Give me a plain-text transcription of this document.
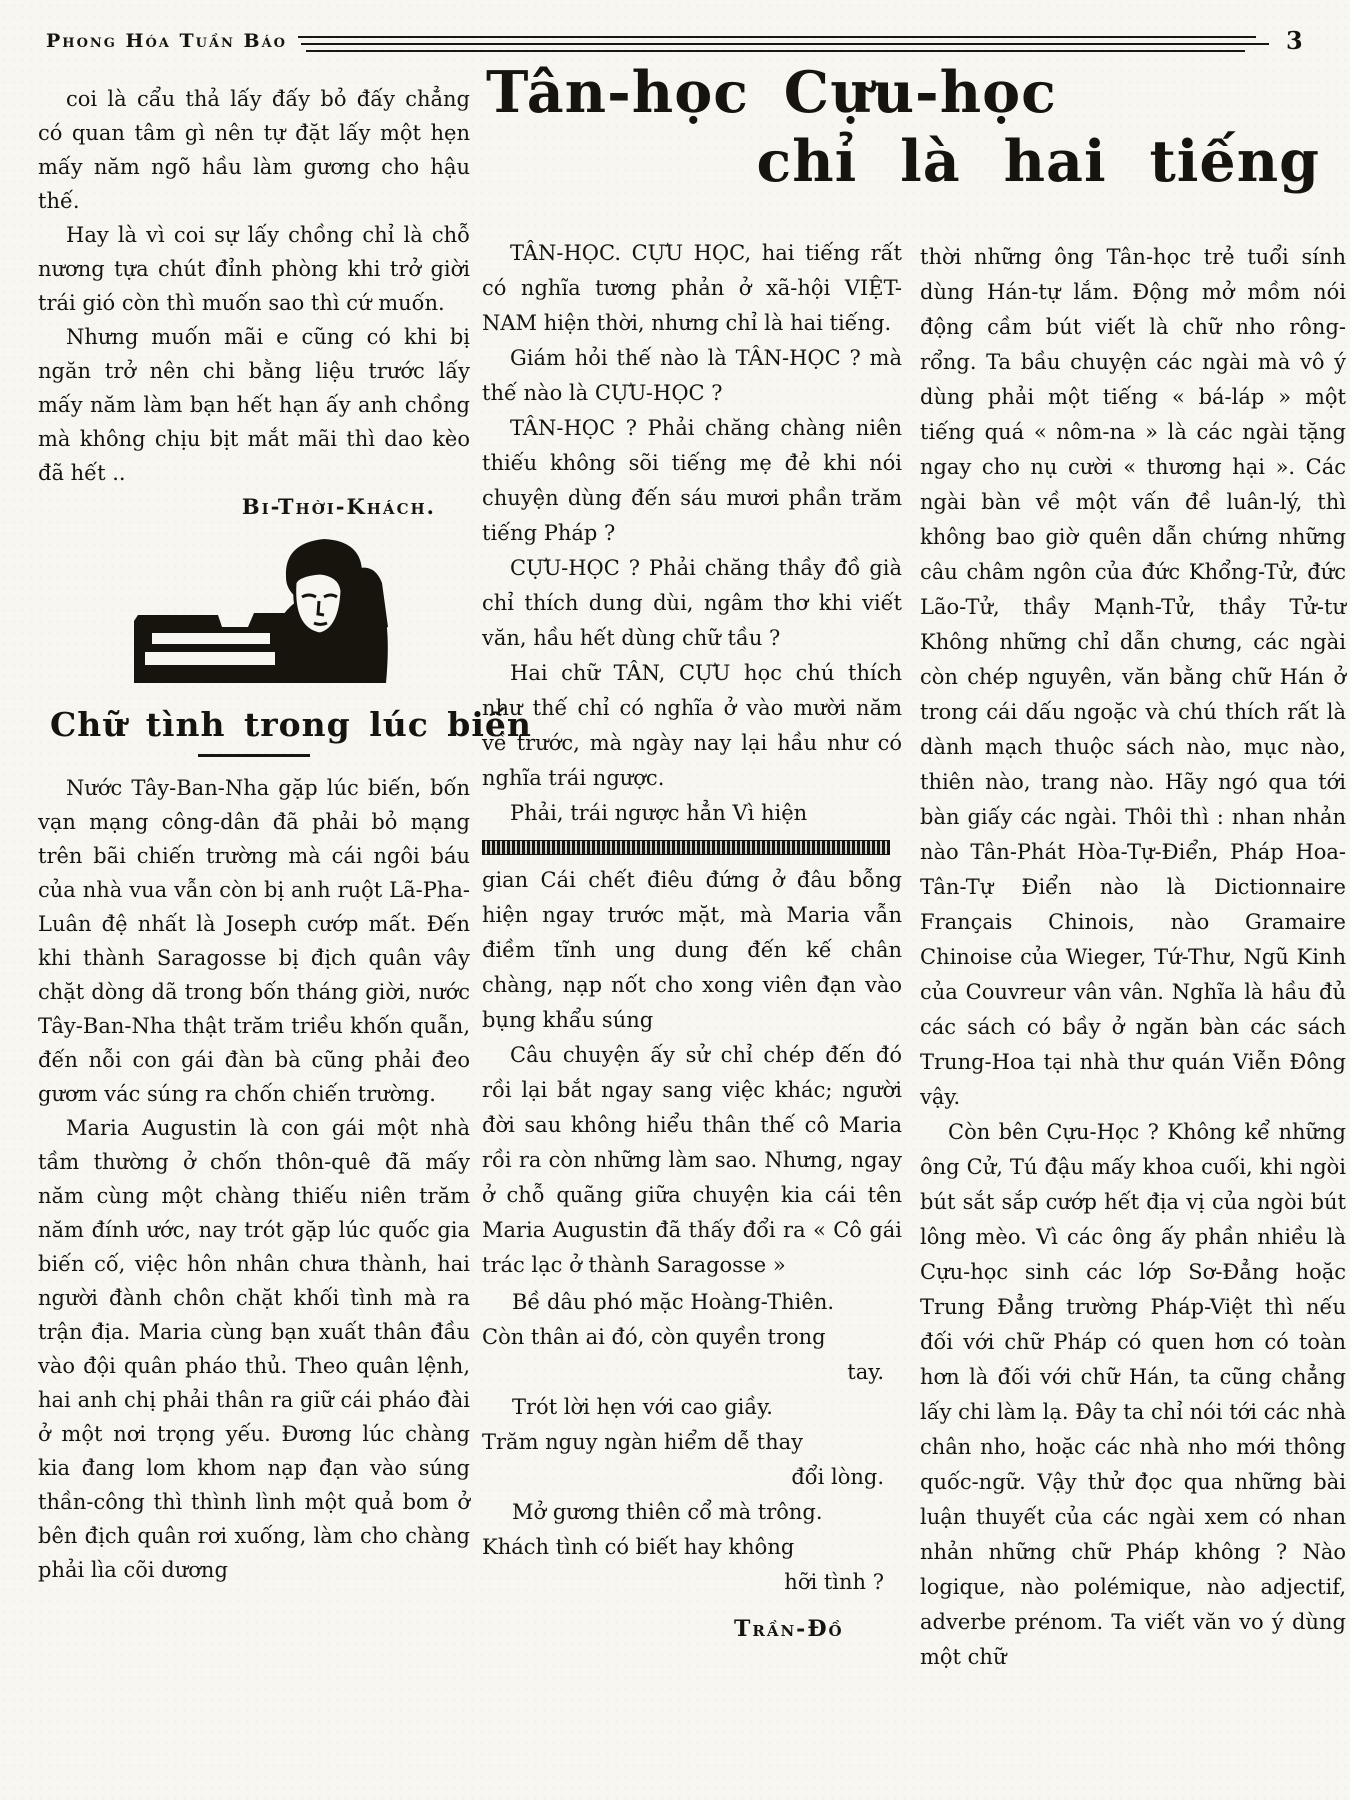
Phong Hóa Tuần Báo	3
Tân-học Cựu-học
chỉ là hai tiếng

coi là cẩu thả lấy đấy bỏ đấy chẳng có quan tâm gì nên tự đặt lấy một hẹn mấy năm ngõ hầu làm gương cho hậu thế.

Hay là vì coi sự lấy chồng chỉ là chỗ nương tựa chút đỉnh phòng khi trở giời trái gió còn thì muốn sao thì cứ muốn.

Nhưng muốn mãi e cũng có khi bị ngăn trở nên chi bằng liệu trước lấy mấy năm làm bạn hết hạn ấy anh chồng mà không chịu bịt mắt mãi thì dao kèo đã hết ..

Bi-Thời-Khách.
Chữ tình trong lúc biến

Nước Tây-Ban-Nha gặp lúc biến, bốn vạn mạng công-dân đã phải bỏ mạng trên bãi chiến trường mà cái ngôi báu của nhà vua vẫn còn bị anh ruột Lã-Pha-Luân đệ nhất là Joseph cướp mất. Đến khi thành Saragosse bị địch quân vây chặt dòng dã trong bốn tháng giời, nước Tây-Ban-Nha thật trăm triều khốn quẫn, đến nỗi con gái đàn bà cũng phải đeo gươm vác súng ra chốn chiến trường.

Maria Augustin là con gái một nhà tầm thường ở chốn thôn-quê đã mấy năm cùng một chàng thiếu niên trăm năm đính ước, nay trót gặp lúc quốc gia biến cố, việc hôn nhân chưa thành, hai người đành chôn chặt khối tình mà ra trận địa. Maria cùng bạn xuất thân đầu vào đội quân pháo thủ. Theo quân lệnh, hai anh chị phải thân ra giữ cái pháo đài ở một nơi trọng yếu. Đương lúc chàng kia đang lom khom nạp đạn vào súng thần-công thì thình lình một quả bom ở bên địch quân rơi xuống, làm cho chàng phải lìa cõi dương

TÂN-HỌC. CỰU HỌC, hai tiếng rất có nghĩa tương phản ở xã-hội VIỆT-NAM hiện thời, nhưng chỉ là hai tiếng.

Giám hỏi thế nào là TÂN-HỌC ? mà thế nào là CỰU-HỌC ?

TÂN-HỌC ? Phải chăng chàng niên thiếu không sõi tiếng mẹ đẻ khi nói chuyện dùng đến sáu mươi phần trăm tiếng Pháp ?

CỰU-HỌC ? Phải chăng thầy đồ già chỉ thích dung dùi, ngâm thơ khi viết văn, hầu hết dùng chữ tầu ?

Hai chữ TÂN, CỰU học chú thích như thế chỉ có nghĩa ở vào mười năm về trước, mà ngày nay lại hầu như có nghĩa trái ngược.

Phải, trái ngược hẳn Vì hiện

gian Cái chết điêu đứng ở đâu bỗng hiện ngay trước mặt, mà Maria vẫn điềm tĩnh ung dung đến kế chân chàng, nạp nốt cho xong viên đạn vào bụng khẩu súng

Câu chuyện ấy sử chỉ chép đến đó rồi lại bắt ngay sang việc khác; người đời sau không hiểu thân thế cô Maria rồi ra còn những làm sao. Nhưng, ngay ở chỗ quãng giữa chuyện kia cái tên Maria Augustin đã thấy đổi ra « Cô gái trác lạc ở thành Saragosse »

Bề dâu phó mặc Hoàng-Thiên.
Còn thân ai đó, còn quyền trong
tay.
Trót lời hẹn với cao giầy.
Trăm nguy ngàn hiểm dễ thay
đổi lòng.
Mở gương thiên cổ mà trông.
Khách tình có biết hay không
hỡi tình ?
Trần-Đồ

thời những ông Tân-học trẻ tuổi sính dùng Hán-tự lắm. Động mở mồm nói động cầm bút viết là chữ nho rông-rổng. Ta bầu chuyện các ngài mà vô ý dùng phải một tiếng « bá-láp » một tiếng quá « nôm-na » là các ngài tặng ngay cho nụ cười « thương hại ». Các ngài bàn về một vấn đề luân-lý, thì không bao giờ quên dẫn chứng những câu châm ngôn của đức Khổng-Tử, đức Lão-Tử, thầy Mạnh-Tử, thầy Tử-tư Không những chỉ dẫn chưng, các ngài còn chép nguyên, văn bằng chữ Hán ở trong cái dấu ngoặc và chú thích rất là dành mạch thuộc sách nào, mục nào, thiên nào, trang nào. Hãy ngó qua tới bàn giấy các ngài. Thôi thì : nhan nhản nào Tân-Phát Hòa-Tự-Điển, Pháp Hoa-Tân-Tự Điển nào là Dictionnaire Français Chinois, nào Gramaire Chinoise của Wieger, Tứ-Thư, Ngũ Kinh của Couvreur vân vân. Nghĩa là hầu đủ các sách có bầy ở ngăn bàn các sách Trung-Hoa tại nhà thư quán Viễn Đông vậy.

Còn bên Cựu-Học ? Không kể những ông Cử, Tú đậu mấy khoa cuối, khi ngòi bút sắt sắp cướp hết địa vị của ngòi bút lông mèo. Vì các ông ấy phần nhiều là Cựu-học sinh các lớp Sơ-Đẳng hoặc Trung Đẳng trường Pháp-Việt thì nếu đối với chữ Pháp có quen hơn có toàn hơn là đối với chữ Hán, ta cũng chẳng lấy chi làm lạ. Đây ta chỉ nói tới các nhà chân nho, hoặc các nhà nho mới thông quốc-ngữ. Vậy thử đọc qua những bài luận thuyết của các ngài xem có nhan nhản những chữ Pháp không ? Nào logique, nào polémique, nào adjectif, adverbe prénom. Ta viết văn vo ý dùng một chữ
